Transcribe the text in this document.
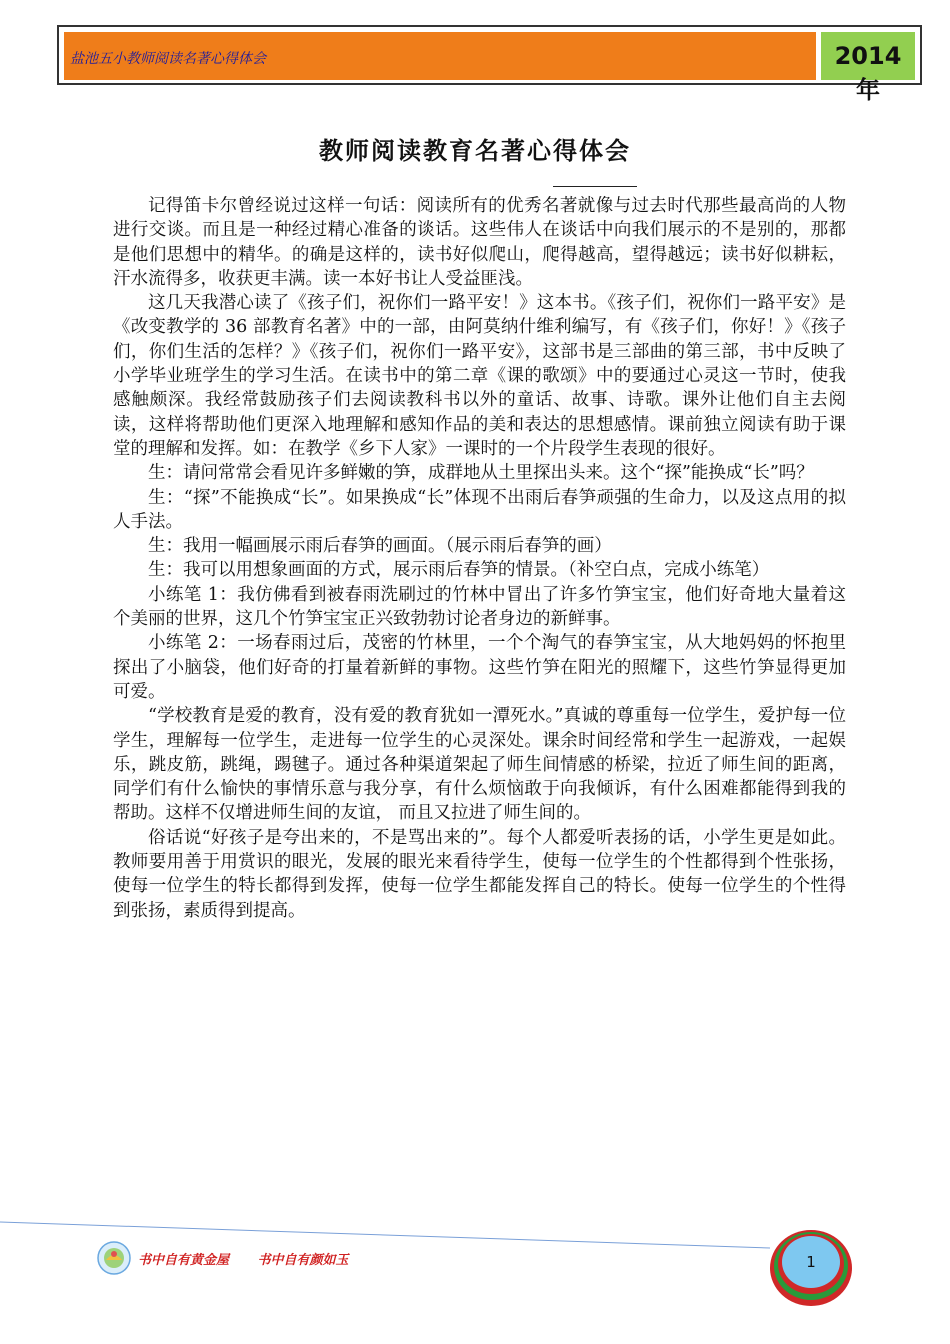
盐池五小教师阅读名著心得体会	2014 年
教师阅读教育名著心得体会

记得笛卡尔曾经说过这样一句话：阅读所有的优秀名著就像与过去时代那些最高尚的人物进行交谈。而且是一种经过精心准备的谈话。这些伟人在谈话中向我们展示的不是别的，那都是他们思想中的精华。的确是这样的，读书好似爬山，爬得越高，望得越远；读书好似耕耘，汗水流得多，收获更丰满。读一本好书让人受益匪浅。

这几天我潜心读了《孩子们，祝你们一路平安！》这本书。《孩子们，祝你们一路平安》是《改变教学的 36 部教育名著》中的一部，由阿莫纳什维利编写，有《孩子们，你好！》《孩子们，你们生活的怎样？》《孩子们，祝你们一路平安》，这部书是三部曲的第三部，书中反映了小学毕业班学生的学习生活。在读书中的第二章《课的歌颂》中的要通过心灵这一节时，使我感触颇深。我经常鼓励孩子们去阅读教科书以外的童话、故事、诗歌。课外让他们自主去阅读，这样将帮助他们更深入地理解和感知作品的美和表达的思想感情。课前独立阅读有助于课堂的理解和发挥。如：在教学《乡下人家》一课时的一个片段学生表现的很好。

生：请问常常会看见许多鲜嫩的笋，成群地从土里探出头来。这个“探”能换成“长”吗？

生：“探”不能换成“长”。如果换成“长”体现不出雨后春笋顽强的生命力，以及这点用的拟人手法。

生：我用一幅画展示雨后春笋的画面。（展示雨后春笋的画）

生：我可以用想象画面的方式，展示雨后春笋的情景。（补空白点，完成小练笔）

小练笔 1：我仿佛看到被春雨洗刷过的竹林中冒出了许多竹笋宝宝，他们好奇地大量着这个美丽的世界，这几个竹笋宝宝正兴致勃勃讨论者身边的新鲜事。

小练笔 2：一场春雨过后，茂密的竹林里，一个个淘气的春笋宝宝，从大地妈妈的怀抱里探出了小脑袋，他们好奇的打量着新鲜的事物。这些竹笋在阳光的照耀下，这些竹笋显得更加可爱。

“学校教育是爱的教育，没有爱的教育犹如一潭死水。”真诚的尊重每一位学生，爱护每一位学生，理解每一位学生，走进每一位学生的心灵深处。课余时间经常和学生一起游戏，一起娱乐，跳皮筋，跳绳，踢毽子。通过各种渠道架起了师生间情感的桥梁，拉近了师生间的距离，同学们有什么愉快的事情乐意与我分享，有什么烦恼敢于向我倾诉，有什么困难都能得到我的帮助。这样不仅增进师生间的友谊， 而且又拉进了师生间的。

俗话说“好孩子是夸出来的，不是骂出来的”。每个人都爱听表扬的话，小学生更是如此。 教师要用善于用赏识的眼光，发展的眼光来看待学生，使每一位学生的个性都得到个性张扬，使每一位学生的特长都得到发挥，使每一位学生都能发挥自己的特长。使每一位学生的个性得到张扬，素质得到提高。

书中自有黄金屋 书中自有颜如玉	1
